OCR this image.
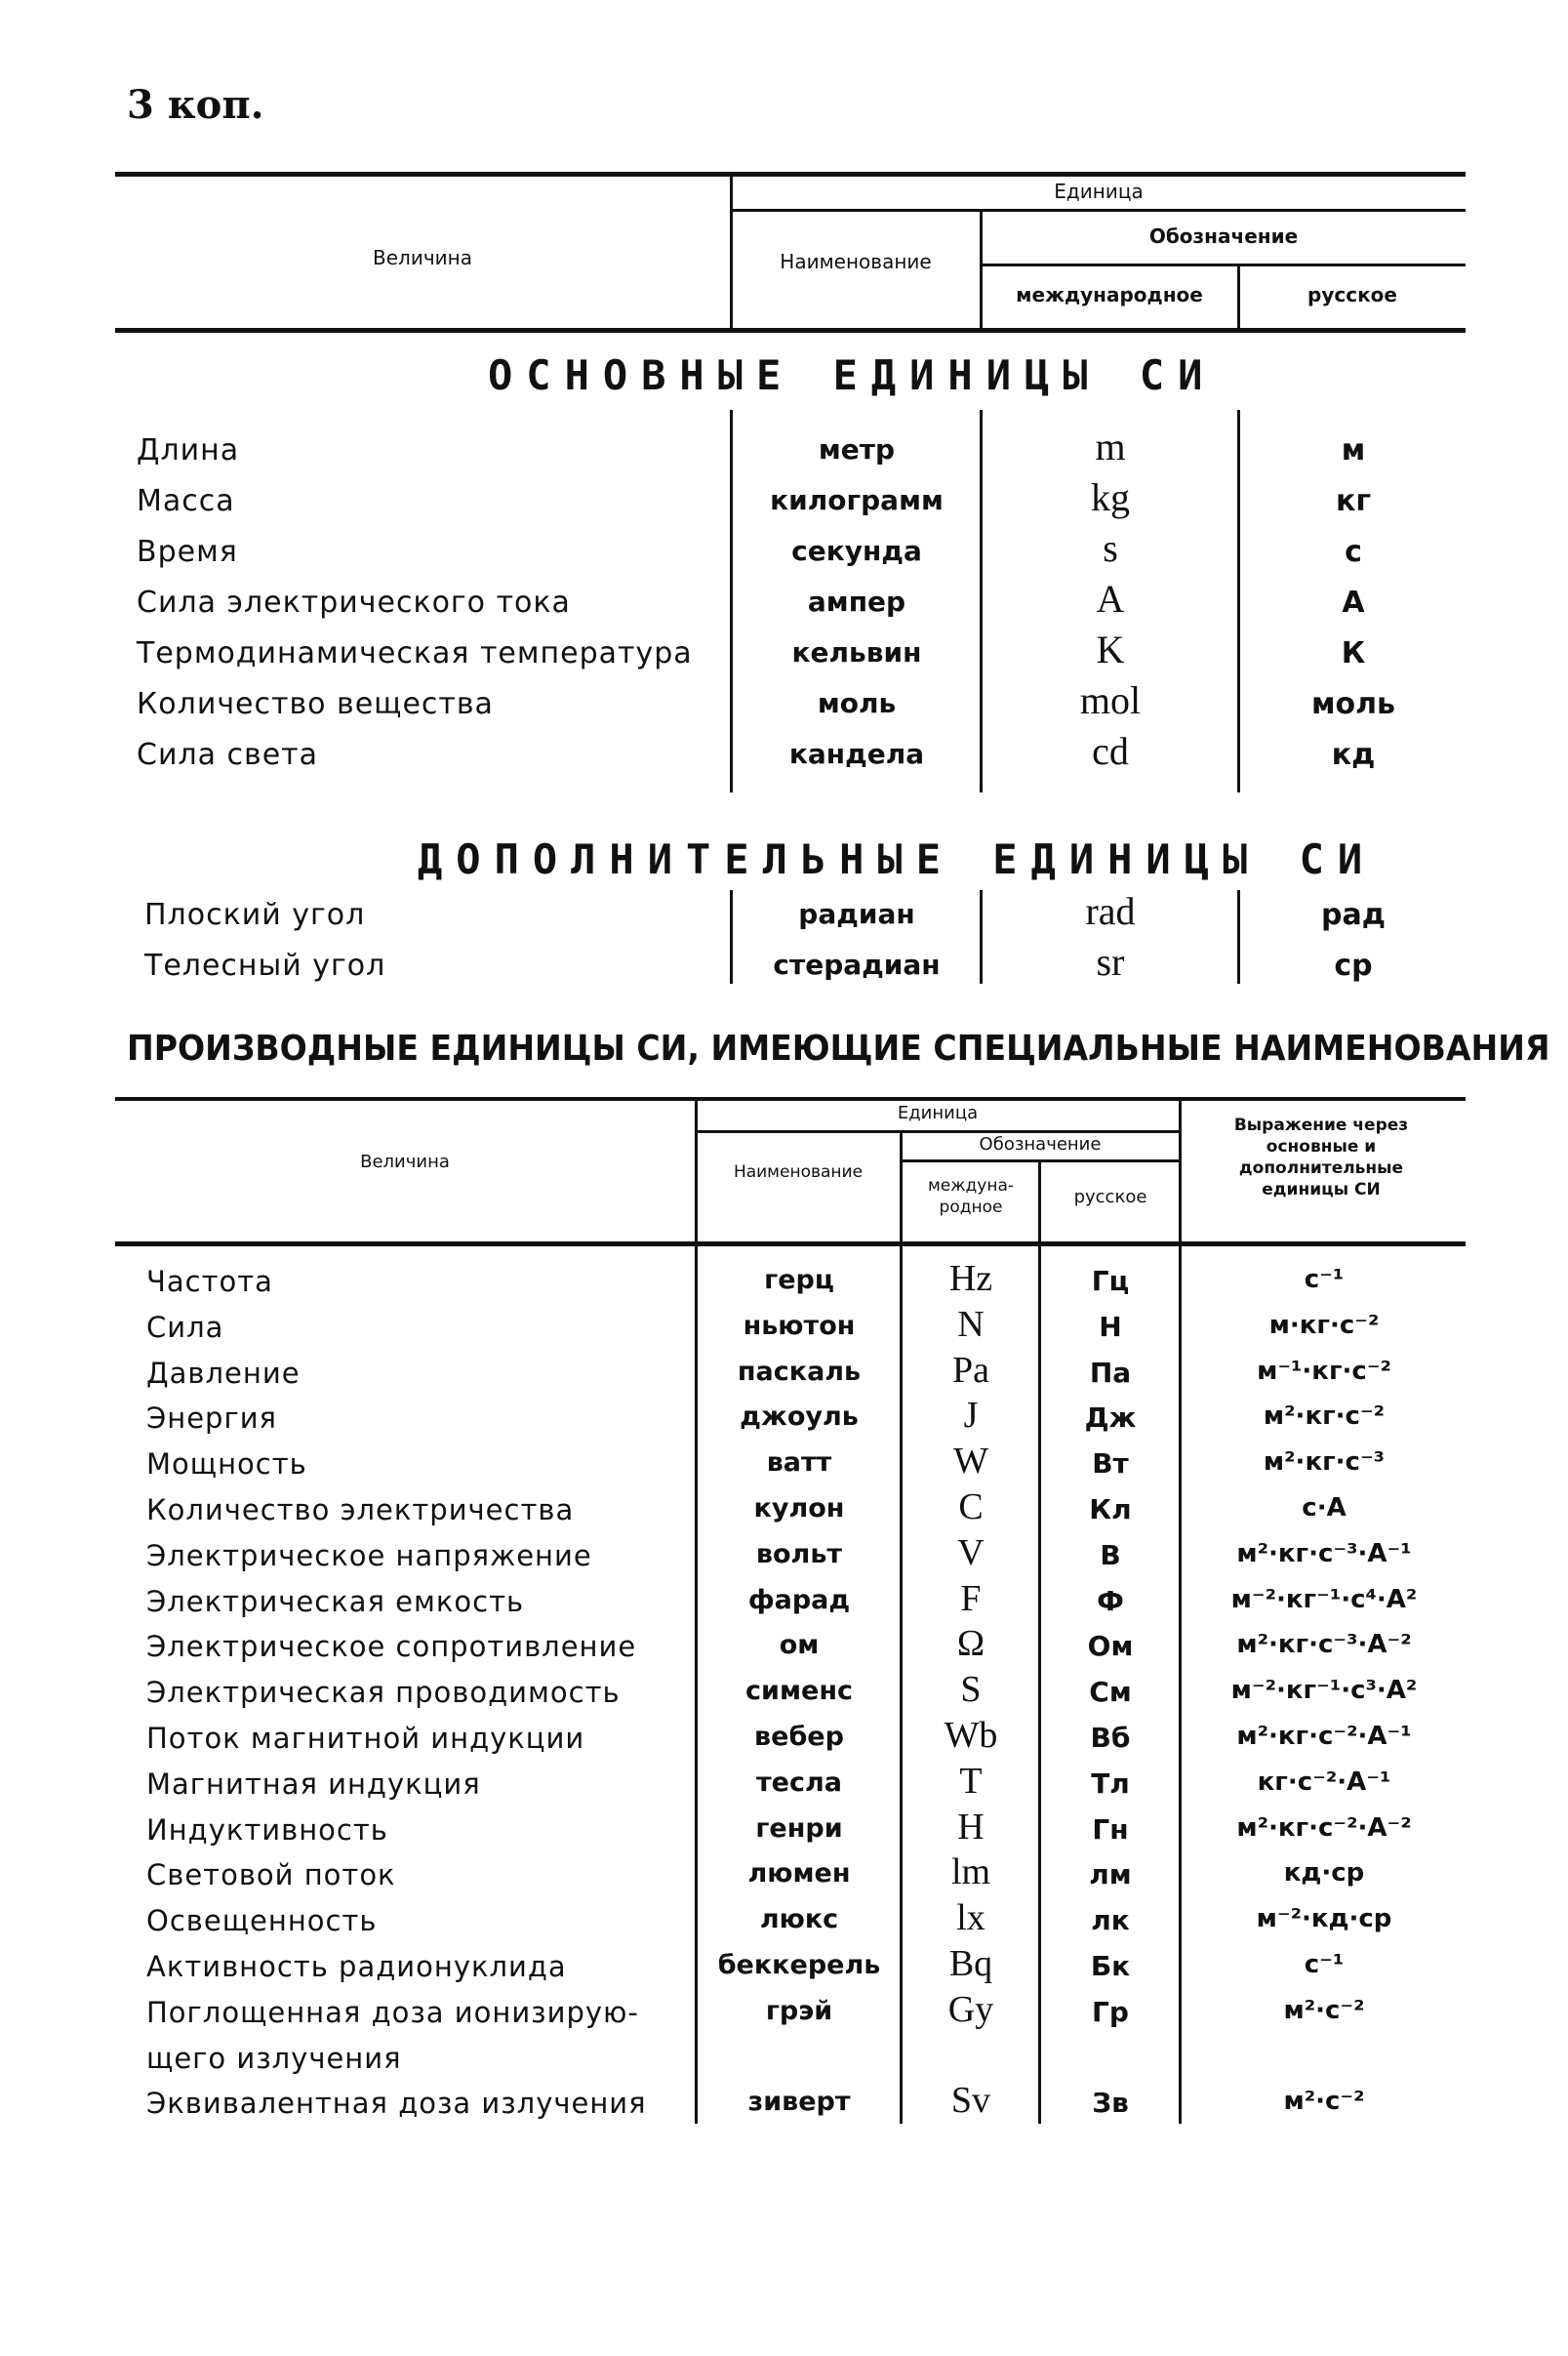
3 коп.
Величина
Единица
Наименование
Обозначение
международное	русское
ОСНОВНЫЕ ЕДИНИЦЫ СИ
Длина	метр	m	м
Масса	килограмм	kg	кг
Время	секунда	s	с
Сила электрического тока	ампер	A	А
Термодинамическая температура	кельвин	K	К
Количество вещества	моль	mol	моль
Сила света	кандела	cd	кд
ДОПОЛНИТЕЛЬНЫЕ ЕДИНИЦЫ СИ
Плоский угол	радиан	rad	рад
Телесный угол	стерадиан	sr	ср
ПРОИЗВОДНЫЕ ЕДИНИЦЫ СИ, ИМЕЮЩИЕ СПЕЦИАЛЬНЫЕ НАИМЕНОВАНИЯ
Величина
Единица
Наименование
Обозначение
междуна- родное	русское
Выражение через основные и дополнительные единицы СИ
Частота	герц	Hz	Гц	с⁻¹
Сила	ньютон	N	Н	м·кг·с⁻²
Давление	паскаль	Pa	Па	м⁻¹·кг·с⁻²
Энергия	джоуль	J	Дж	м²·кг·с⁻²
Мощность	ватт	W	Вт	м²·кг·с⁻³
Количество электричества	кулон	C	Кл	с·А
Электрическое напряжение	вольт	V	В	м²·кг·с⁻³·А⁻¹
Электрическая емкость	фарад	F	Ф	м⁻²·кг⁻¹·с⁴·А²
Электрическое сопротивление	ом	Ω	Ом	м²·кг·с⁻³·А⁻²
Электрическая проводимость	сименс	S	См	м⁻²·кг⁻¹·с³·А²
Поток магнитной индукции	вебер	Wb	Вб	м²·кг·с⁻²·А⁻¹
Магнитная индукция	тесла	T	Тл	кг·с⁻²·А⁻¹
Индуктивность	генри	H	Гн	м²·кг·с⁻²·А⁻²
Световой поток	люмен	lm	лм	кд·ср
Освещенность	люкс	lx	лк	м⁻²·кд·ср
Активность радионуклида	беккерель	Bq	Бк	с⁻¹
Поглощенная доза ионизирую-	грэй	Gy	Гр	м²·с⁻²
щего излучения
Эквивалентная доза излучения	зиверт	Sv	Зв	м²·с⁻²
